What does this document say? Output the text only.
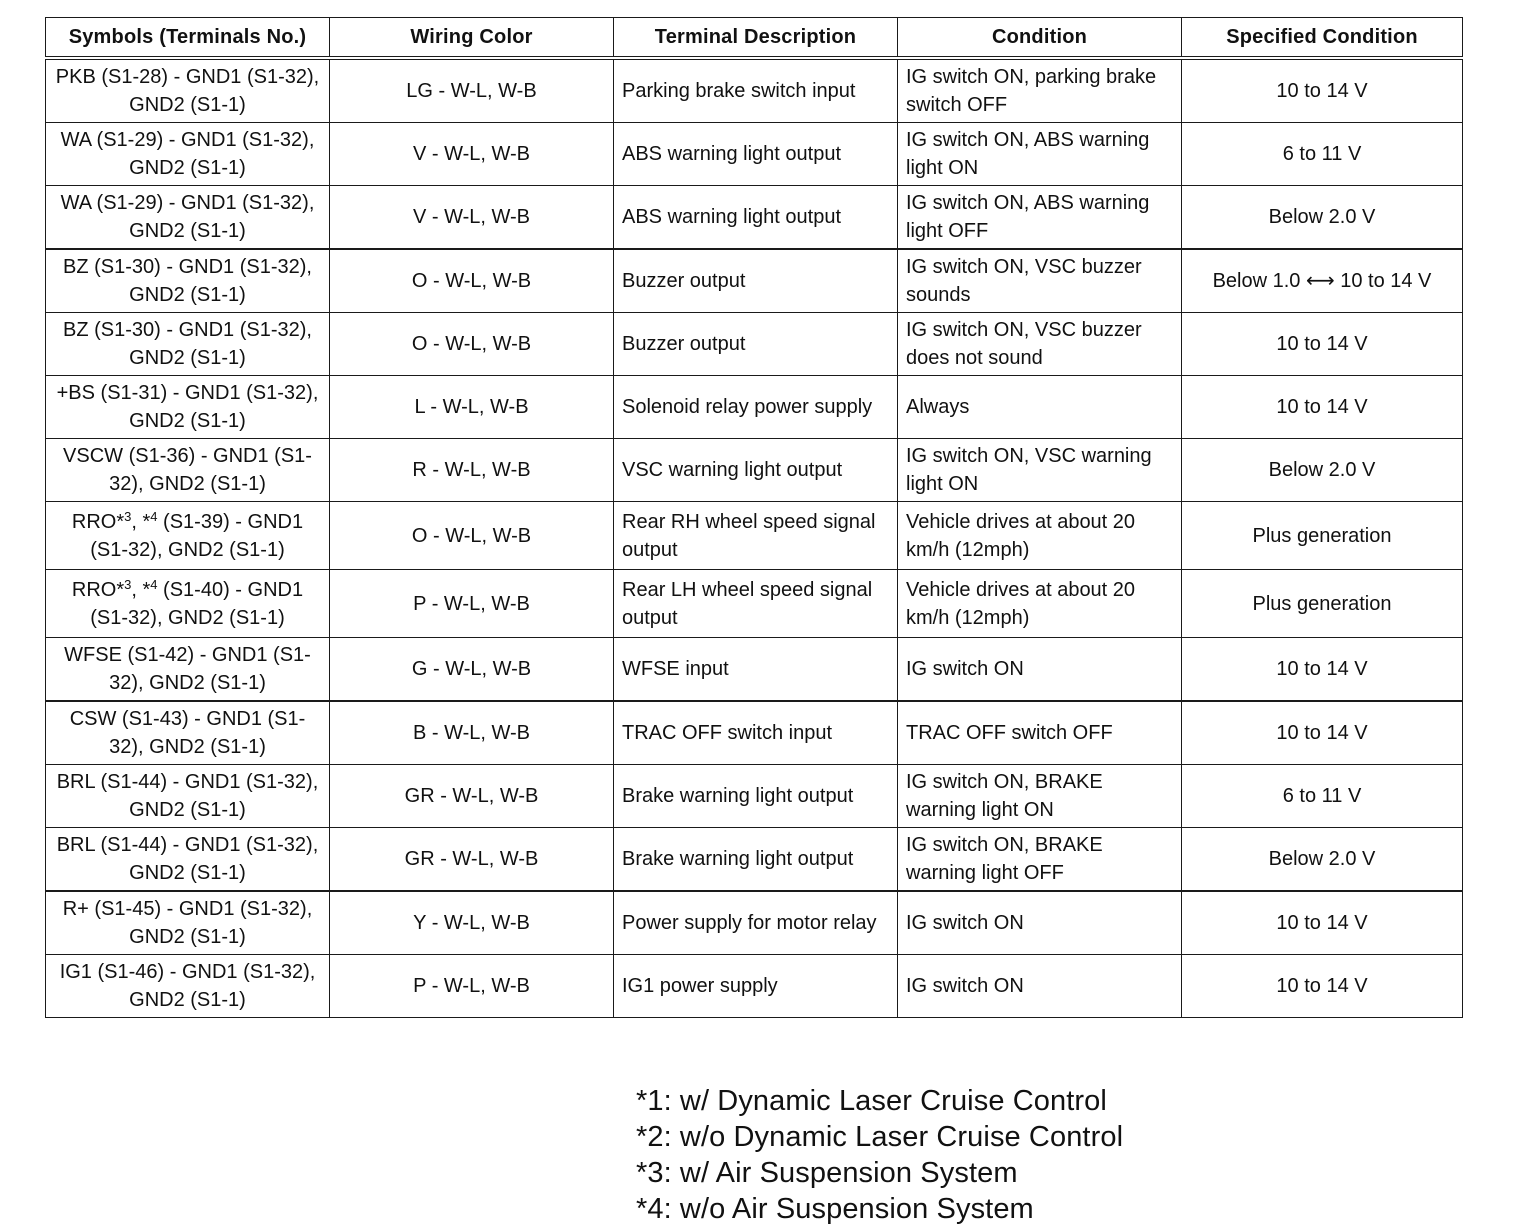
Symbols (Terminals No.)	Wiring Color	Terminal Description	Condition	Specified Condition
PKB (S1-28) - GND1 (S1-32), GND2 (S1-1)	LG - W-L, W-B	Parking brake switch input	IG switch ON, parking brake switch OFF	10 to 14 V
WA (S1-29) - GND1 (S1-32), GND2 (S1-1)	V - W-L, W-B	ABS warning light output	IG switch ON, ABS warning light ON	6 to 11 V
WA (S1-29) - GND1 (S1-32), GND2 (S1-1)	V - W-L, W-B	ABS warning light output	IG switch ON, ABS warning light OFF	Below 2.0 V
BZ (S1-30) - GND1 (S1-32), GND2 (S1-1)	O - W-L, W-B	Buzzer output	IG switch ON, VSC buzzer sounds	Below 1.0 ⟷ 10 to 14 V
BZ (S1-30) - GND1 (S1-32), GND2 (S1-1)	O - W-L, W-B	Buzzer output	IG switch ON, VSC buzzer does not sound	10 to 14 V
+BS (S1-31) - GND1 (S1-32), GND2 (S1-1)	L - W-L, W-B	Solenoid relay power supply	Always	10 to 14 V
VSCW (S1-36) - GND1 (S1-32), GND2 (S1-1)	R - W-L, W-B	VSC warning light output	IG switch ON, VSC warning light ON	Below 2.0 V
RRO*$^3$, *$^4$ (S1-39) - GND1 (S1-32), GND2 (S1-1)	O - W-L, W-B	Rear RH wheel speed signal output	Vehicle drives at about 20 km/h (12mph)	Plus generation
RRO*$^3$, *$^4$ (S1-40) - GND1 (S1-32), GND2 (S1-1)	P - W-L, W-B	Rear LH wheel speed signal output	Vehicle drives at about 20 km/h (12mph)	Plus generation
WFSE (S1-42) - GND1 (S1-32), GND2 (S1-1)	G - W-L, W-B	WFSE input	IG switch ON	10 to 14 V
CSW (S1-43) - GND1 (S1-32), GND2 (S1-1)	B - W-L, W-B	TRAC OFF switch input	TRAC OFF switch OFF	10 to 14 V
BRL (S1-44) - GND1 (S1-32), GND2 (S1-1)	GR - W-L, W-B	Brake warning light output	IG switch ON, BRAKE warning light ON	6 to 11 V
BRL (S1-44) - GND1 (S1-32), GND2 (S1-1)	GR - W-L, W-B	Brake warning light output	IG switch ON, BRAKE warning light OFF	Below 2.0 V
R+ (S1-45) - GND1 (S1-32), GND2 (S1-1)	Y - W-L, W-B	Power supply for motor relay	IG switch ON	10 to 14 V
IG1 (S1-46) - GND1 (S1-32), GND2 (S1-1)	P - W-L, W-B	IG1 power supply	IG switch ON	10 to 14 V
*1: w/ Dynamic Laser Cruise Control
*2: w/o Dynamic Laser Cruise Control
*3: w/ Air Suspension System
*4: w/o Air Suspension System
